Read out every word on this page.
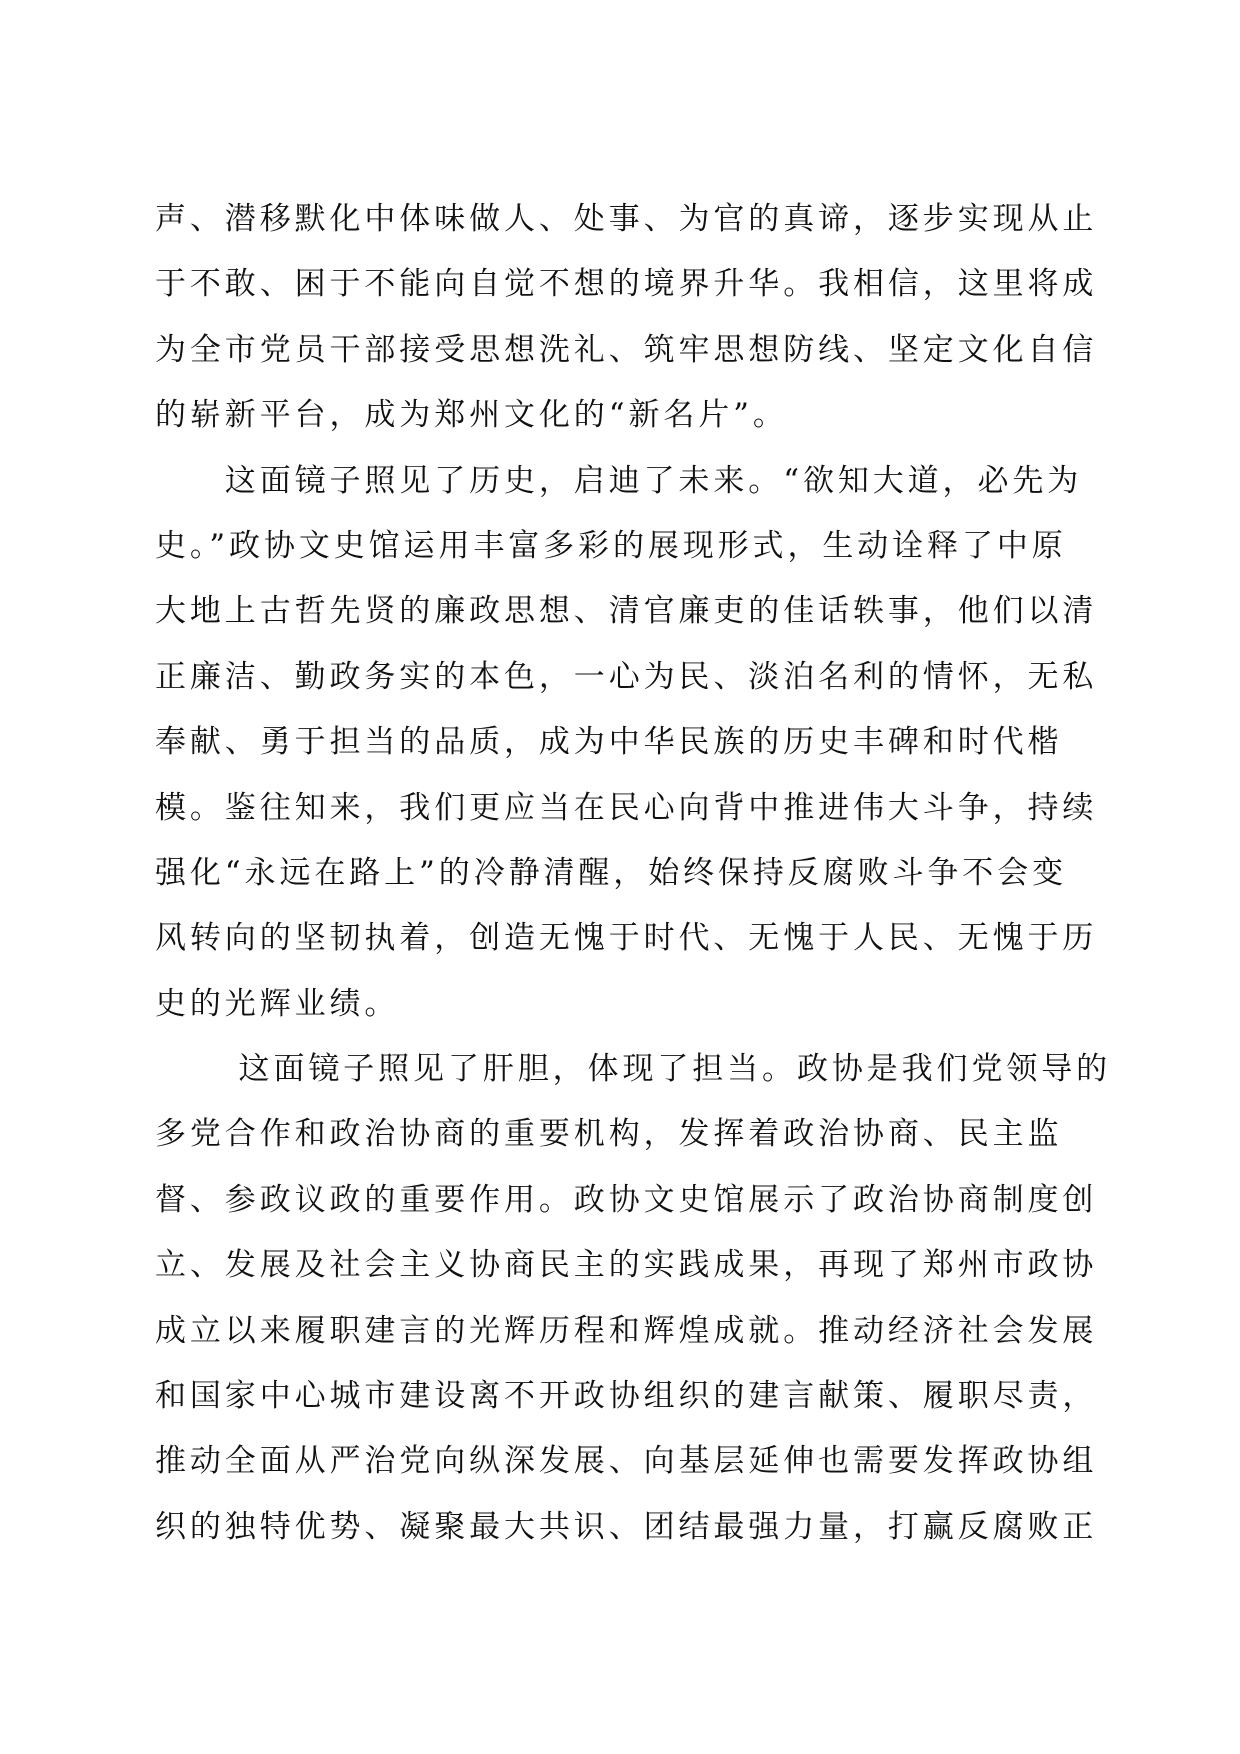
声、潜移默化中体味做人、处事、为官的真谛，逐步实现从止
于不敢、困于不能向自觉不想的境界升华。我相信，这里将成
为全市党员干部接受思想洗礼、筑牢思想防线、坚定文化自信
的崭新平台，成为郑州文化的“新名片”。
　　这面镜子照见了历史，启迪了未来。“欲知大道，必先为
史。”政协文史馆运用丰富多彩的展现形式，生动诠释了中原
大地上古哲先贤的廉政思想、清官廉吏的佳话轶事，他们以清
正廉洁、勤政务实的本色，一心为民、淡泊名利的情怀，无私
奉献、勇于担当的品质，成为中华民族的历史丰碑和时代楷
模。鉴往知来，我们更应当在民心向背中推进伟大斗争，持续
强化“永远在路上”的冷静清醒，始终保持反腐败斗争不会变
风转向的坚韧执着，创造无愧于时代、无愧于人民、无愧于历
史的光辉业绩。
　　 这面镜子照见了肝胆，体现了担当。政协是我们党领导的
多党合作和政治协商的重要机构，发挥着政治协商、民主监
督、参政议政的重要作用。政协文史馆展示了政治协商制度创
立、发展及社会主义协商民主的实践成果，再现了郑州市政协
成立以来履职建言的光辉历程和辉煌成就。推动经济社会发展
和国家中心城市建设离不开政协组织的建言献策、履职尽责，
推动全面从严治党向纵深发展、向基层延伸也需要发挥政协组
织的独特优势、凝聚最大共识、团结最强力量，打赢反腐败正
